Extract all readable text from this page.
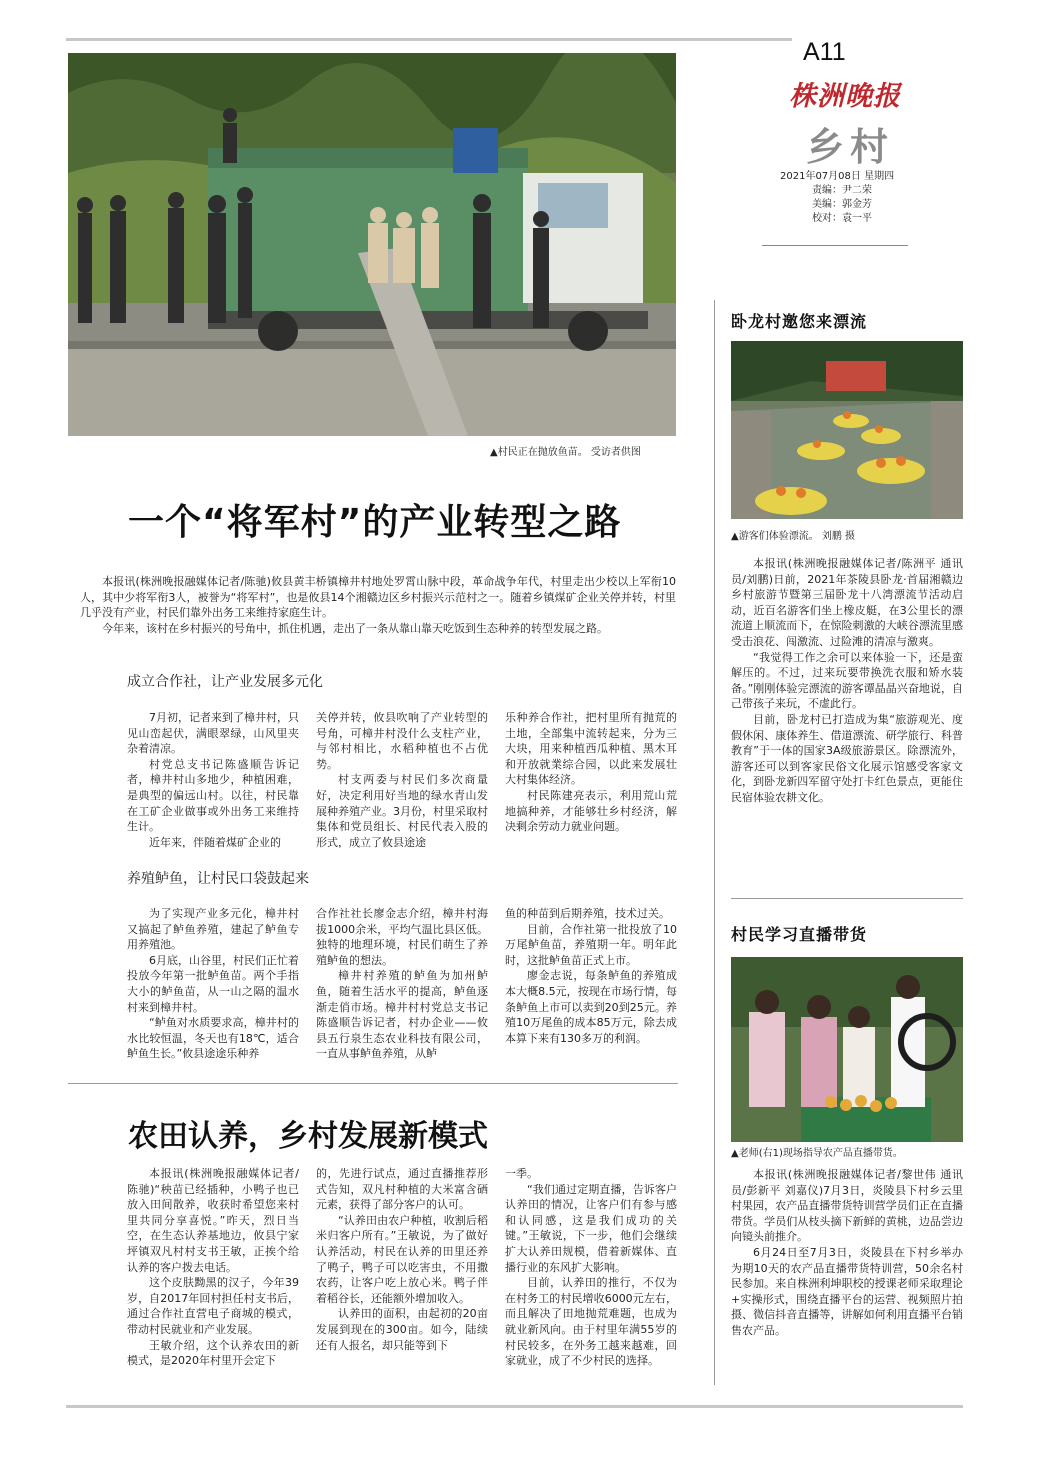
A11
株洲晚报
乡村
2021年07月08日 星期四
责编：尹二荣
美编：郭金芳
校对：袁一平
▲村民正在抛放鱼苗。 受访者供图
一个“将军村”的产业转型之路

本报讯(株洲晚报融媒体记者/陈驰)攸县黄丰桥镇樟井村地处罗霄山脉中段，革命战争年代，村里走出少校以上军衔10人，其中少将军衔3人，被誉为“将军村”，也是攸县14个湘赣边区乡村振兴示范村之一。随着乡镇煤矿企业关停并转，村里几乎没有产业，村民们靠外出务工来维持家庭生计。

今年来，该村在乡村振兴的号角中，抓住机遇，走出了一条从靠山靠天吃饭到生态种养的转型发展之路。

成立合作社，让产业发展多元化

7月初，记者来到了樟井村，只见山峦起伏，满眼翠绿，山风里夹杂着清凉。

村党总支书记陈盛顺告诉记者，樟井村山多地少，种植困难，是典型的偏远山村。以往，村民靠在工矿企业做事或外出务工来维持生计。

近年来，伴随着煤矿企业的

关停并转，攸县吹响了产业转型的号角，可樟井村没什么支柱产业，与邻村相比，水稻种植也不占优势。

村支两委与村民们多次商量好，决定利用好当地的绿水青山发展种养殖产业。3月份，村里采取村集体和党员组长、村民代表入股的形式，成立了攸县途途

乐种养合作社，把村里所有抛荒的土地，全部集中流转起来，分为三大块，用来种植西瓜种植、黑木耳和开放就業综合园，以此来发展壮大村集体经济。

村民陈建亮表示，利用荒山荒地搞种养，才能够壮乡村经济，解决剩余劳动力就业问题。

养殖鲈鱼，让村民口袋鼓起来

为了实现产业多元化，樟井村又搞起了鲈鱼养殖，建起了鲈鱼专用养殖池。

6月底，山谷里，村民们正忙着投放今年第一批鲈鱼苗。两个手指大小的鲈鱼苗，从一山之隔的温水村来到樟井村。

“鲈鱼对水质要求高，樟井村的水比较恒温，冬天也有18℃，适合鲈鱼生长。”攸县途途乐种养

合作社社长廖金志介绍，樟井村海拔1000余米，平均气温比县区低。独特的地理环境，村民们萌生了养殖鲈鱼的想法。

樟井村养殖的鲈鱼为加州鲈鱼，随着生活水平的提高，鲈鱼逐渐走俏市场。樟井村村党总支书记陈盛顺告诉记者，村办企业——攸县五行泉生态农业科技有限公司，一直从事鲈鱼养殖，从鲈

鱼的种苗到后期养殖，技术过关。

目前，合作社第一批投放了10万尾鲈鱼苗，养殖期一年。明年此时，这批鲈鱼苗正式上市。

廖金志说，每条鲈鱼的养殖成本大概8.5元，按现在市场行情，每条鲈鱼上市可以卖到20到25元。养殖10万尾鱼的成本85万元，除去成本算下来有130多万的利润。

农田认养，乡村发展新模式

本报讯(株洲晚报融媒体记者/陈驰)“秧苗已经插种，小鸭子也已放入田间散养，收获时希望您来村里共同分享喜悦。”昨天，烈日当空，在生态认养基地边，攸县宁家坪镇双凡村村支书王敏，正挨个给认养的客户拨去电话。

这个皮肤黝黑的汉子，今年39岁，自2017年回村担任村支书后，通过合作社直营电子商城的模式，带动村民就业和产业发展。

王敏介绍，这个认养农田的新模式，是2020年村里开会定下

的，先进行试点，通过直播推荐形式告知，双凡村种植的大米富含硒元素，获得了部分客户的认可。

“认养田由农户种植，收割后稻米归客户所有。”王敏说，为了做好认养活动，村民在认养的田里还养了鸭子，鸭子可以吃害虫，不用撒农药，让客户吃上放心米。鸭子伴着稻谷长，还能额外增加收入。

认养田的面积，由起初的20亩发展到现在的300亩。如今，陆续还有人报名，却只能等到下

一季。

“我们通过定期直播，告诉客户认养田的情况，让客户们有参与感和认同感，这是我们成功的关键。”王敏说，下一步，他们会继续扩大认养田规模，借着新媒体、直播行业的东风扩大影响。

目前，认养田的推行，不仅为在村务工的村民增收6000元左右，而且解决了田地抛荒难题，也成为就业新风向。由于村里年满55岁的村民较多，在外务工越来越难，回家就业，成了不少村民的选择。

卧龙村邀您来漂流
▲游客们体验漂流。 刘鹏 摄

本报讯(株洲晚报融媒体记者/陈洲平 通讯员/刘鹏)日前，2021年茶陵县卧龙·首届湘赣边乡村旅游节暨第三届卧龙十八湾漂流节活动启动，近百名游客们坐上橡皮艇，在3公里长的漂流道上顺流而下，在惊险刺激的大峡谷漂流里感受击浪花、闯激流、过险滩的清凉与激爽。

“我觉得工作之余可以来体验一下，还是蛮解压的。不过，过来玩要带换洗衣服和矫水装备。”刚刚体验完漂流的游客谭晶晶兴奋地说，自己带孩子来玩，不虚此行。

目前，卧龙村已打造成为集“旅游观光、度假休闲、康体养生、借道漂流、研学旅行、科普教育”于一体的国家3A级旅游景区。除漂流外，游客还可以到客家民俗文化展示馆感受客家文化，到卧龙新四军留守处打卡红色景点，更能住民宿体验农耕文化。

村民学习直播带货
▲老师(右1)现场指导农产品直播带货。

本报讯(株洲晚报融媒体记者/黎世伟 通讯员/彭新平 刘嘉仪)7月3日，炎陵县下村乡云里村果园，农产品直播带货特训营学员们正在直播带货。学员们从枝头摘下新鲜的黄桃，边品尝边向镜头前推介。

6月24日至7月3日，炎陵县在下村乡举办为期10天的农产品直播带货特训营，50余名村民参加。来自株洲利坤职校的授课老师采取理论+实操形式，围绕直播平台的运营、视频照片拍摄、微信抖音直播等，讲解如何利用直播平台销售农产品。
